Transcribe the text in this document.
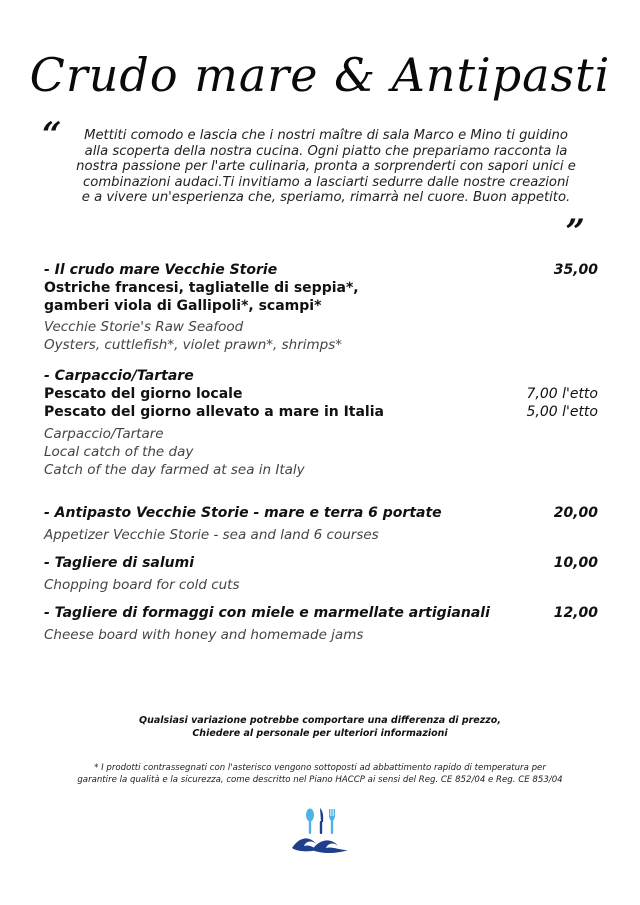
Crudo mare & Antipasti
“	Mettiti comodo e lascia che i nostri maître di sala Marco e Mino ti guidino
alla scoperta della nostra cucina. Ogni piatto che prepariamo racconta la
nostra passione per l'arte culinaria, pronta a sorprenderti con sapori unici e
combinazioni audaci.Ti invitiamo a lasciarti sedurre dalle nostre creazioni
e a vivere un'esperienza che, speriamo, rimarrà nel cuore. Buon appetito.
„
- Il crudo mare Vecchie Storie	35,00
Ostriche francesi, tagliatelle di seppia*,
gamberi viola di Gallipoli*, scampi*
Vecchie Storie's Raw Seafood
Oysters, cuttlefish*, violet prawn*, shrimps*
- Carpaccio/Tartare
Pescato del giorno locale	7,00 l'etto
Pescato del giorno allevato a mare in Italia	5,00 l'etto
Carpaccio/Tartare
Local catch of the day
Catch of the day farmed at sea in Italy
- Antipasto Vecchie Storie - mare e terra 6 portate	20,00
Appetizer Vecchie Storie - sea and land 6 courses
- Tagliere di salumi	10,00
Chopping board for cold cuts
- Tagliere di formaggi con miele e marmellate artigianali	12,00
Cheese board with honey and homemade jams
Qualsiasi variazione potrebbe comportare una differenza di prezzo,
Chiedere al personale per ulteriori informazioni
* I prodotti contrassegnati con l'asterisco vengono sottoposti ad abbattimento rapido di temperatura per
garantire la qualità e la sicurezza, come descritto nel Piano HACCP ai sensi del Reg. CE 852/04 e Reg. CE 853/04
